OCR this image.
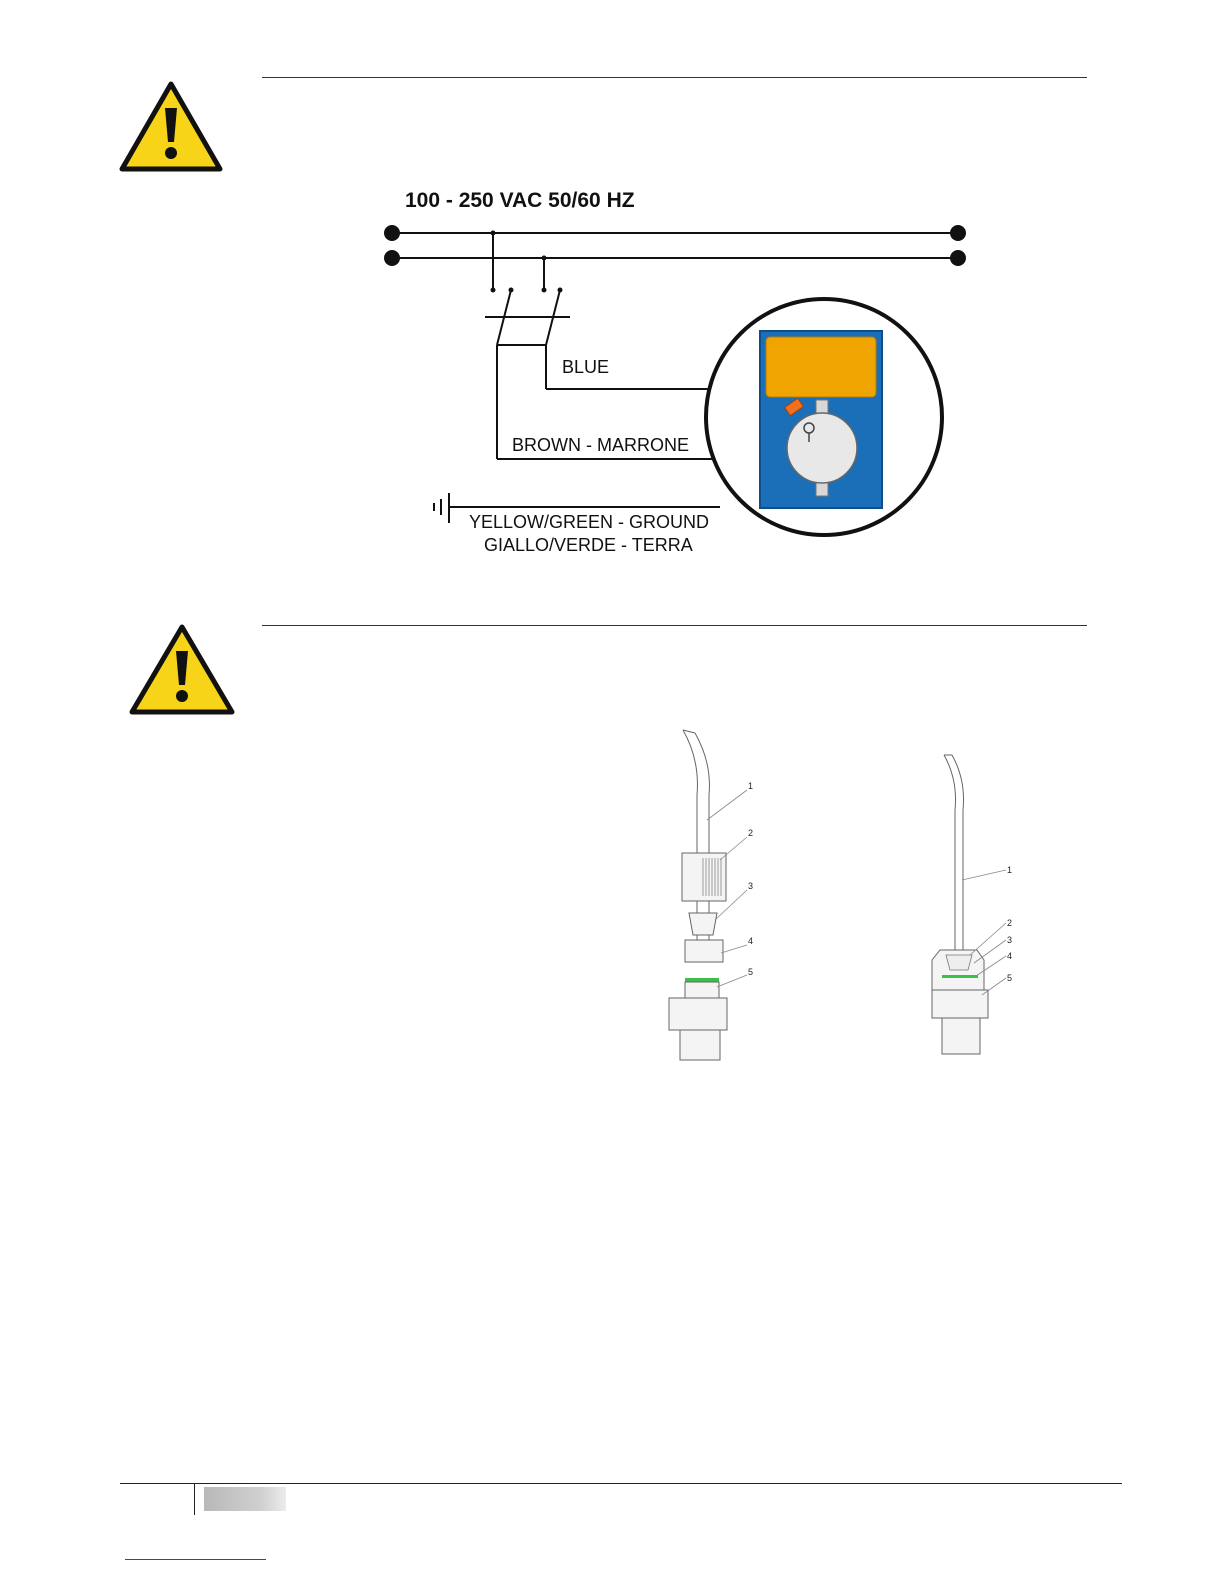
100 - 250 VAC 50/60 HZ
BLUE
BROWN - MARRONE
YELLOW/GREEN - GROUND
GIALLO/VERDE - TERRA
1
2
3
4
5
1
2
3
4
5
